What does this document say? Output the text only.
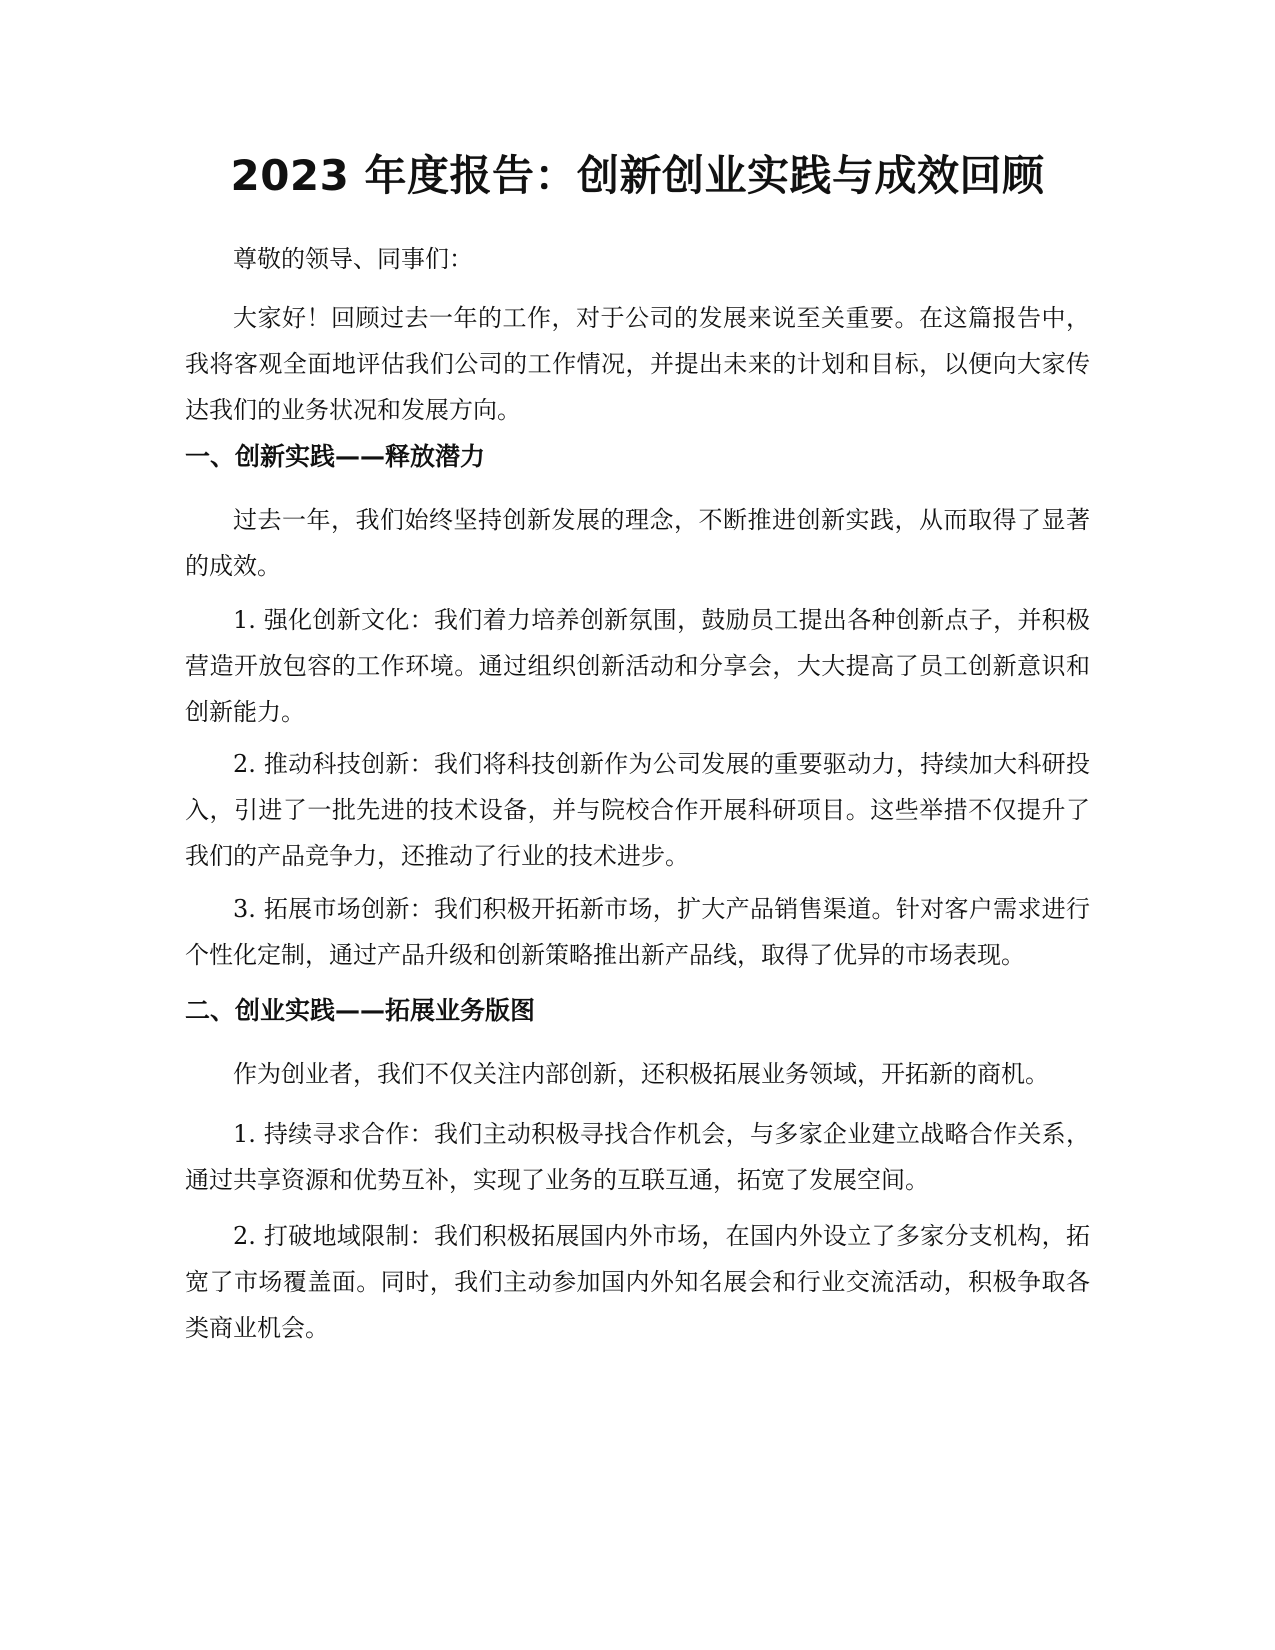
2023 年度报告：创新创业实践与成效回顾

尊敬的领导、同事们：

大家好！回顾过去一年的工作，对于公司的发展来说至关重要。在这篇报告中，我将客观全面地评估我们公司的工作情况，并提出未来的计划和目标，以便向大家传达我们的业务状况和发展方向。

一、创新实践——释放潜力

过去一年，我们始终坚持创新发展的理念，不断推进创新实践，从而取得了显著的成效。

1. 强化创新文化：我们着力培养创新氛围，鼓励员工提出各种创新点子，并积极营造开放包容的工作环境。通过组织创新活动和分享会，大大提高了员工创新意识和创新能力。

2. 推动科技创新：我们将科技创新作为公司发展的重要驱动力，持续加大科研投入，引进了一批先进的技术设备，并与院校合作开展科研项目。这些举措不仅提升了我们的产品竞争力，还推动了行业的技术进步。

3. 拓展市场创新：我们积极开拓新市场，扩大产品销售渠道。针对客户需求进行个性化定制，通过产品升级和创新策略推出新产品线，取得了优异的市场表现。

二、创业实践——拓展业务版图

作为创业者，我们不仅关注内部创新，还积极拓展业务领域，开拓新的商机。

1. 持续寻求合作：我们主动积极寻找合作机会，与多家企业建立战略合作关系，通过共享资源和优势互补，实现了业务的互联互通，拓宽了发展空间。

2. 打破地域限制：我们积极拓展国内外市场，在国内外设立了多家分支机构，拓宽了市场覆盖面。同时，我们主动参加国内外知名展会和行业交流活动，积极争取各类商业机会。
